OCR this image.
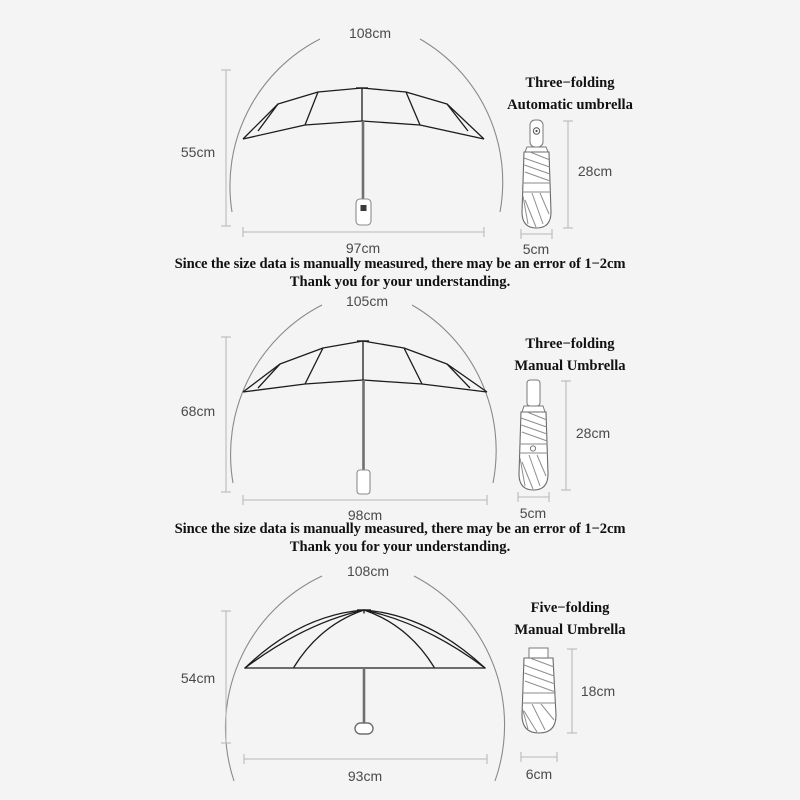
108cm
55cm
97cm
28cm
5cm
Three−folding
Automatic umbrella
Since the size data is manually measured, there may be an error of 1−2cm
Thank you for your understanding.
105cm
68cm
98cm
28cm
5cm
Three−folding
Manual Umbrella
Since the size data is manually measured, there may be an error of 1−2cm
Thank you for your understanding.
108cm
54cm
93cm
18cm
6cm
Five−folding
Manual Umbrella
